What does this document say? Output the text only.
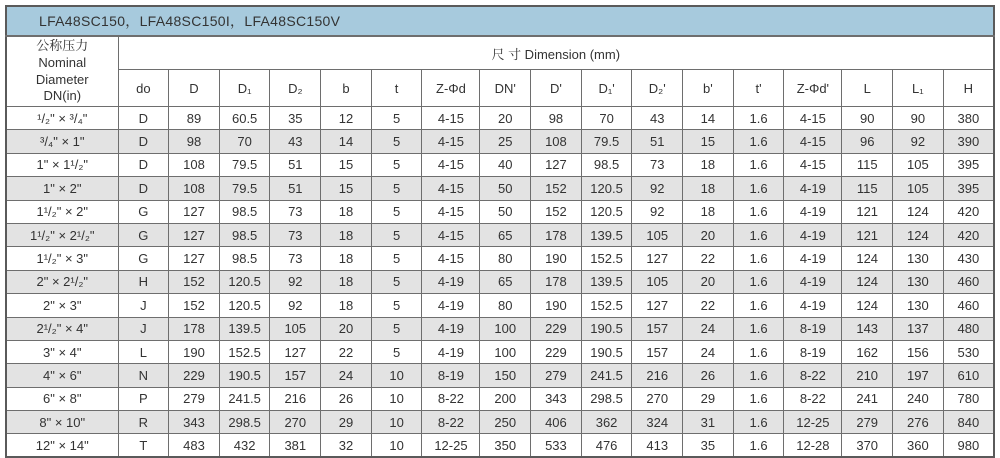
LFA48SC150，LFA48SC150I，LFA48SC150V																	

公称压力
Nominal
Diameter
DN(in)	尺 寸 Dimension (mm)																
	do	D	D₁	D₂	b	t	Z-Φd	DN'	D'	D₁'	D₂'	b'	t'	Z-Φd'	L	L₁	H
¹/₂" × ³/₄"	D	89	60.5	35	12	5	4-15	20	98	70	43	14	1.6	4-15	90	90	380
³/₄" × 1"	D	98	70	43	14	5	4-15	25	108	79.5	51	15	1.6	4-15	96	92	390
1" × 1¹/₂"	D	108	79.5	51	15	5	4-15	40	127	98.5	73	18	1.6	4-15	115	105	395
1" × 2"	D	108	79.5	51	15	5	4-15	50	152	120.5	92	18	1.6	4-19	115	105	395
1¹/₂" × 2"	G	127	98.5	73	18	5	4-15	50	152	120.5	92	18	1.6	4-19	121	124	420
1¹/₂" × 2¹/₂"	G	127	98.5	73	18	5	4-15	65	178	139.5	105	20	1.6	4-19	121	124	420
1¹/₂" × 3"	G	127	98.5	73	18	5	4-15	80	190	152.5	127	22	1.6	4-19	124	130	430
2" × 2¹/₂"	H	152	120.5	92	18	5	4-19	65	178	139.5	105	20	1.6	4-19	124	130	460
2" × 3"	J	152	120.5	92	18	5	4-19	80	190	152.5	127	22	1.6	4-19	124	130	460
2¹/₂" × 4"	J	178	139.5	105	20	5	4-19	100	229	190.5	157	24	1.6	8-19	143	137	480
3" × 4"	L	190	152.5	127	22	5	4-19	100	229	190.5	157	24	1.6	8-19	162	156	530
4" × 6"	N	229	190.5	157	24	10	8-19	150	279	241.5	216	26	1.6	8-22	210	197	610
6" × 8"	P	279	241.5	216	26	10	8-22	200	343	298.5	270	29	1.6	8-22	241	240	780
8" × 10"	R	343	298.5	270	29	10	8-22	250	406	362	324	31	1.6	12-25	279	276	840
12" × 14"	T	483	432	381	32	10	12-25	350	533	476	413	35	1.6	12-28	370	360	980
